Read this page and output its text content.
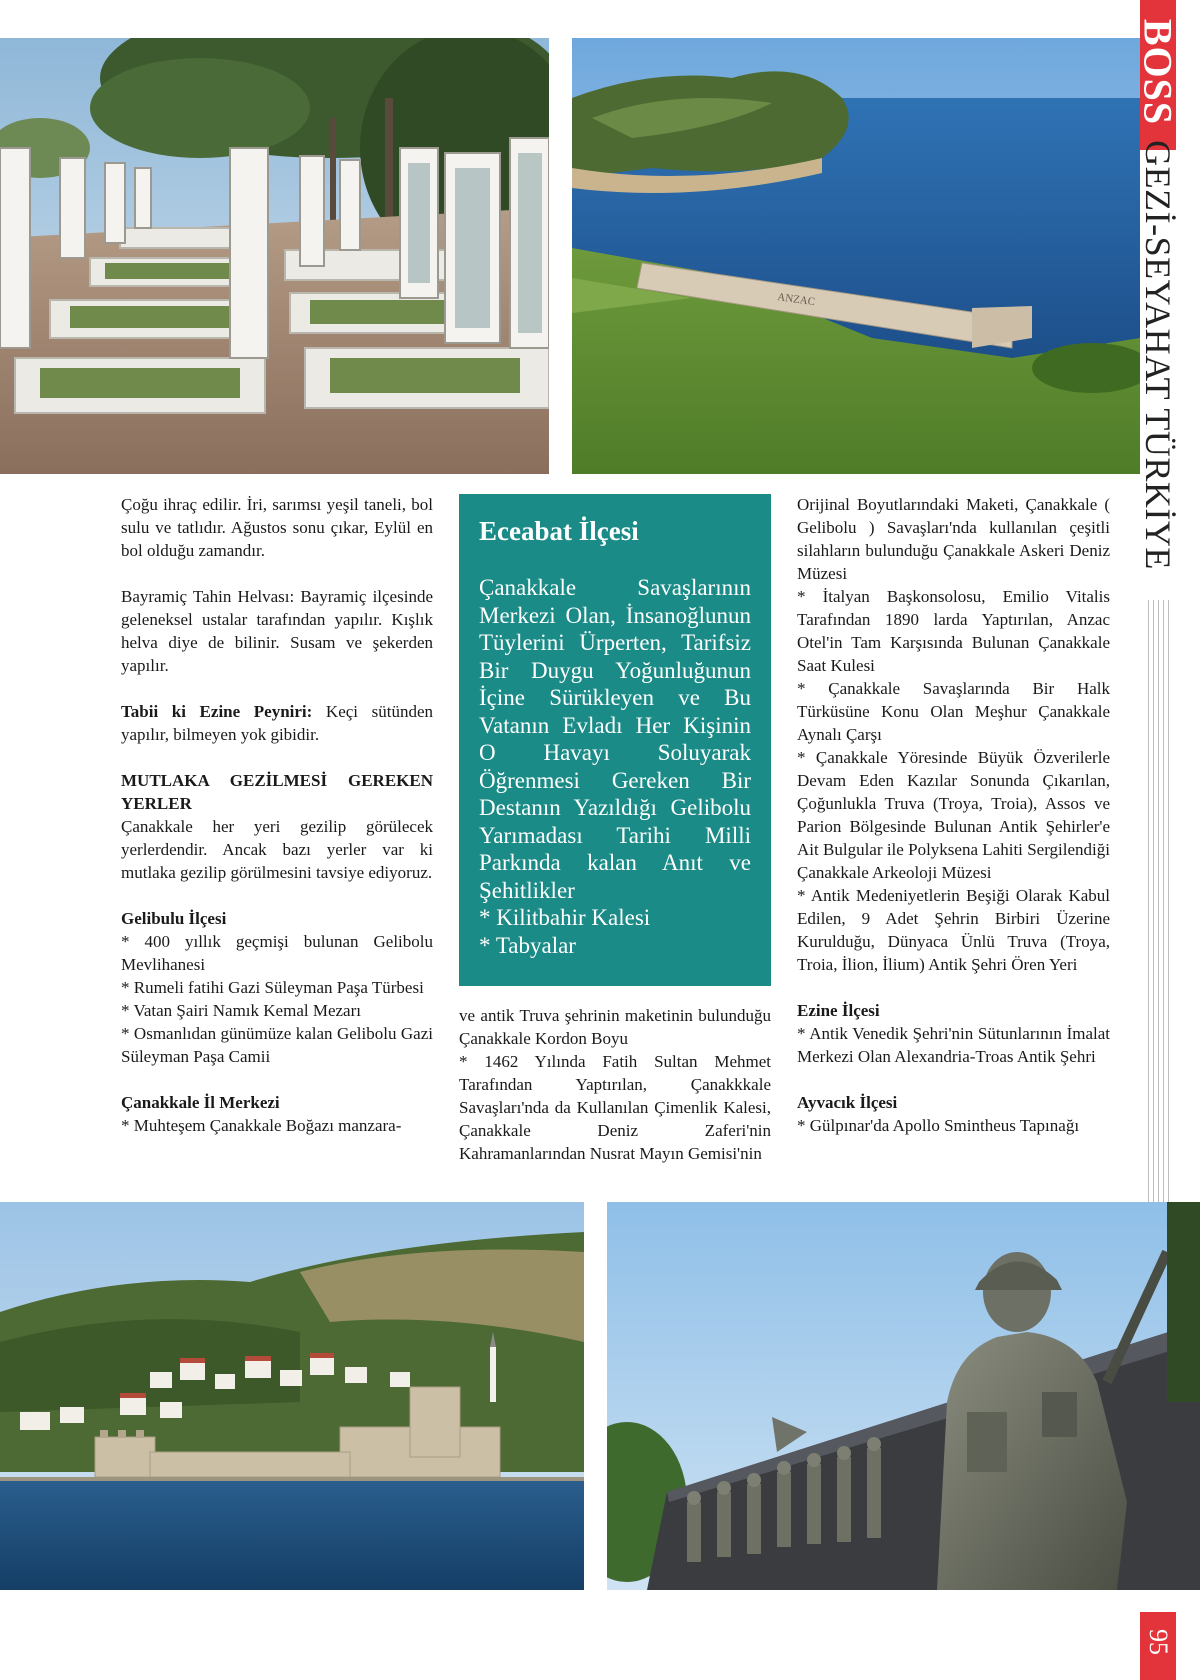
ANZAC
BOSS
GEZİ-SEYAHAT TÜRKİYE

Çoğu ihraç edilir. İri, sarımsı yeşil taneli, bol sulu ve tatlıdır. Ağustos sonu çıkar, Eylül en bol olduğu zamandır.

Bayramiç Tahin Helvası: Bayramiç ilçesinde geleneksel ustalar tarafından yapılır. Kışlık helva diye de bilinir. Susam ve şekerden yapılır.

Tabii ki Ezine Peyniri: Keçi sütünden yapılır, bilmeyen yok gibidir.

MUTLAKA GEZİLMESİ GEREKEN YERLER

Çanakkale her yeri gezilip görülecek yerlerdendir. Ancak bazı yerler var ki mutlaka gezilip görülmesini tavsiye ediyoruz.

Gelibulu İlçesi
* 400 yıllık geçmişi bulunan Gelibolu Mevlihanesi
* Rumeli fatihi Gazi Süleyman Paşa Türbesi
* Vatan Şairi Namık Kemal Mezarı
* Osmanlıdan günümüze kalan Gelibolu Gazi Süleyman Paşa Camii
Çanakkale İl Merkezi
* Muhteşem Çanakkale Boğazı manzara-
Eceabat İlçesi
Çanakkale Savaşlarının Merkezi Olan, İnsanoğlunun Tüylerini Ürperten, Tarifsiz Bir Duygu Yoğunluğunun İçine Sürükleyen ve Bu Vatanın Evladı Her Kişinin O Havayı Soluyarak Öğrenmesi Gereken Bir Destanın Yazıldığı Gelibolu Yarımadası Tarihi Milli Parkında kalan Anıt ve Şehitlikler
* Kilitbahir Kalesi
* Tabyalar
ve antik Truva şehrinin maketinin bulunduğu Çanakkale Kordon Boyu
* 1462 Yılında Fatih Sultan Mehmet Tarafından Yaptırılan, Çanakkkale Savaşları'nda da Kullanılan Çimenlik Kalesi, Çanakkale Deniz Zaferi'nin Kahramanlarından Nusrat Mayın Gemisi'nin
Orijinal Boyutlarındaki Maketi, Çanakkale ( Gelibolu ) Savaşları'nda kullanılan çeşitli silahların bulunduğu Çanakkale Askeri Deniz Müzesi
* İtalyan Başkonsolosu, Emilio Vitalis Tarafından 1890 larda Yaptırılan, Anzac Otel'in Tam Karşısında Bulunan Çanakkale Saat Kulesi
* Çanakkale Savaşlarında Bir Halk Türküsüne Konu Olan Meşhur Çanakkale Aynalı Çarşı
* Çanakkale Yöresinde Büyük Özverilerle Devam Eden Kazılar Sonunda Çıkarılan, Çoğunlukla Truva (Troya, Troia), Assos ve Parion Bölgesinde Bulunan Antik Şehirler'e Ait Bulgular ile Polyksena Lahiti Sergilendiği Çanakkale Arkeoloji Müzesi
* Antik Medeniyetlerin Beşiği Olarak Kabul Edilen, 9 Adet Şehrin Birbiri Üzerine Kurulduğu, Dünyaca Ünlü Truva (Troya, Troia, İlion, İlium) Antik Şehri Ören Yeri
Ezine İlçesi
* Antik Venedik Şehri'nin Sütunlarının İmalat Merkezi Olan Alexandria-Troas Antik Şehri
Ayvacık İlçesi
* Gülpınar'da Apollo Smintheus Tapınağı
95
